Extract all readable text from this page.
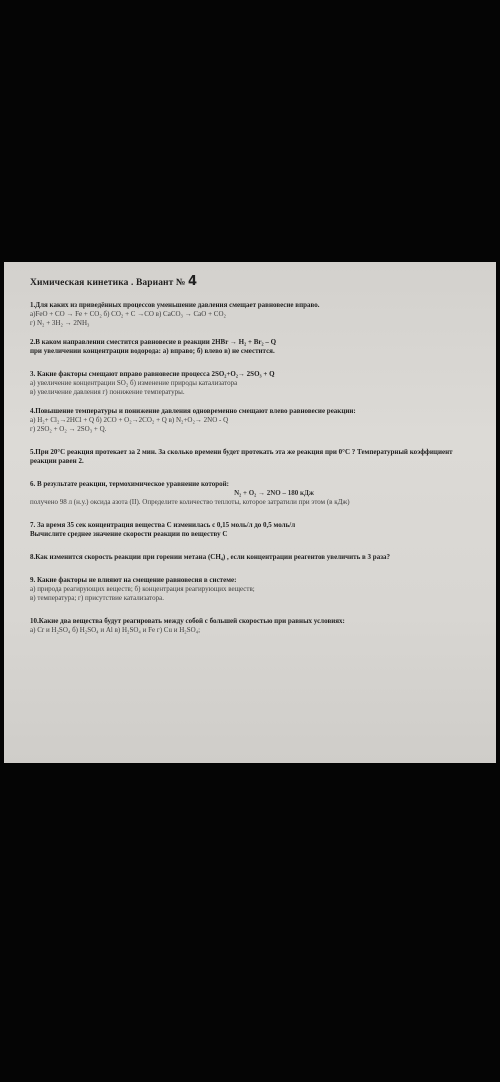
Химическая кинетика . Вариант № 4
1.Для каких из приведённых процессов уменьшение давления смещает равновесие вправо.
а)FeO + CO → Fe + CO₂ б) CO₂ + C →CO в) CaCO₃ → CaO + CO₂
г) N₂ + 3H₂ → 2NH₃
2.В каком направлении сместится равновесие в реакции 2HBr → H₂ + Br₂ – Q
при увеличении концентрации водорода: а) вправо; б) влево в) не сместится.
3. Какие факторы смещают вправо равновесие процесса 2SO₂+O₂→ 2SO₃ + Q
а) увеличение концентрации SO₂ б) изменение природы катализатора
в) увеличение давления г) понижение температуры.
4.Повышение температуры и понижение давления одновременно смещают влево равновесие реакции:
а) H₂+ Cl₂→2HCl + Q б) 2CO + O₂→2CO₂ + Q в) N₂+O₂→ 2NO - Q
г) 2SO₂ + O₂ → 2SO₃ + Q.
5.При 20°С реакция протекает за 2 мин. За сколько времени будет протекать эта же реакция при 0°С ? Температурный коэффициент реакции равен 2.
6. В результате реакции, термохимическое уравнение которой:
N₂ + O₂ → 2NO – 180 кДж
получено 98 л (н.у.) оксида азота (II). Определите количество теплоты, которое затратили при этом (в кДж)
7. За время 35 сек концентрация вещества С изменилась с 0,15 моль/л до 0,5 моль/л
Вычислите среднее значение скорости реакции по веществу С
8.Как изменится скорость реакции при горении метана (CH₄) , если концентрации реагентов увеличить в 3 раза?
9. Какие факторы не влияют на смещение равновесия в системе:
а) природа реагирующих веществ; б) концентрация реагирующих веществ;
в) температура; г) присутствие катализатора.
10.Какие два вещества будут реагировать между собой с большей скоростью при равных условиях:
а) Cr и H₂SO₄ б) H₂SO₄ и Al в) H₂SO₄ и Fe г) Cu и H₂SO₄;
